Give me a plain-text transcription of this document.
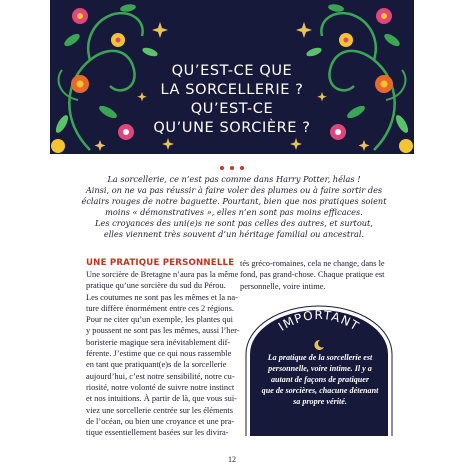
QU’EST-CE QUE
LA SORCELLERIE ?
QU’EST-CE
QU’UNE SORCIÈRE ?
La sorcellerie, ce n’est pas comme dans Harry Potter, hélas !
Ainsi, on ne va pas réussir à faire voler des plumes ou à faire sortir des
éclairs rouges de notre baguette. Pourtant, bien que nos pratiques soient
moins « démonstratives », elles n’en sont pas moins efficaces.
Les croyances des uni(e)s ne sont pas celles des autres, et surtout,
elles viennent très souvent d’un héritage familial ou ancestral.
UNE PRATIQUE PERSONNELLE
Une sorcière de Bretagne n’aura pas la même
pratique qu’une sorcière du sud du Pérou.
Les coutumes ne sont pas les mêmes et la na-
ture diffère énormément entre ces 2 régions.
Pour ne citer qu’un exemple, les plantes qui
y poussent ne sont pas les mêmes, aussi l’her-
boristerie magique sera inévitablement dif-
férente. J’estime que ce qui nous rassemble
en tant que pratiquant(e)s de la sorcellerie
aujourd’hui, c’est notre sensibilité, notre cu-
riosité, notre volonté de suivre notre instinct
et nos intuitions. À partir de là, que vous sui-
viez une sorcellerie centrée sur les éléments
de l’océan, ou bien une croyance et une pra-
tique essentiellement basées sur les divira-
tés gréco-romaines, cela ne change, dans le
fond, pas grand-chose. Chaque pratique est
personnelle, voire intime.
IMPORTANT
La pratique de la sorcellerie est
personnelle, voire intime. Il y a
autant de façons de pratiquer
que de sorcières, chacune détenant
sa propre vérité.
12
